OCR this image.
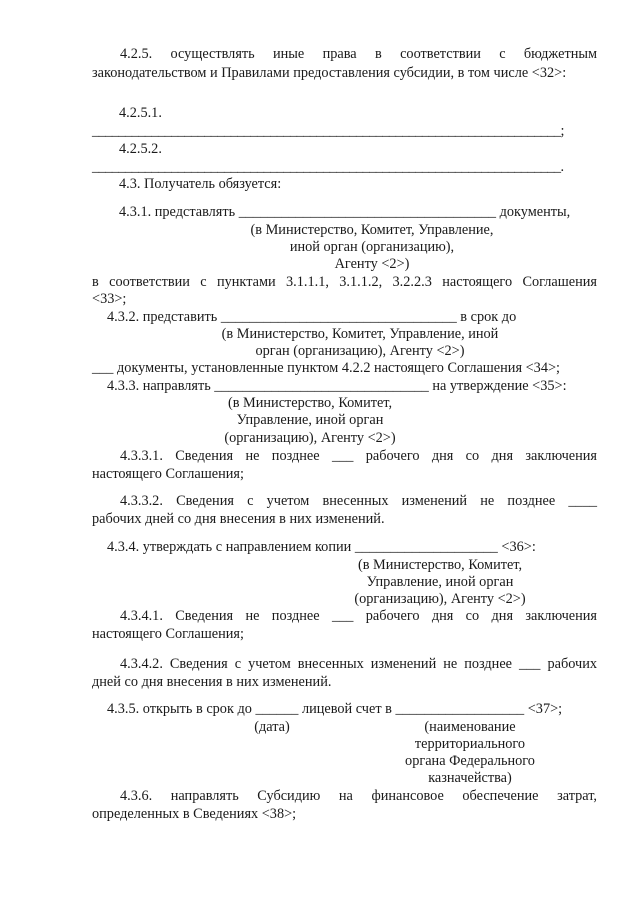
4.2.5. осуществлять иные права в соответствии с бюджетным
законодательством и Правилами предоставления субсидии, в том числе <32>:
4.2.5.1.
_______________________________________________________________________;
4.2.5.2.
_______________________________________________________________________.
4.3. Получатель обязуется:
4.3.1. представлять ____________________________________ документы,
(в Министерство, Комитет, Управление,
иной орган (организацию),
Агенту <2>)
в соответствии с пунктами 3.1.1.1, 3.1.1.2, 3.2.2.3 настоящего Соглашения
<33>;
4.3.2. представить _________________________________ в срок до
(в Министерство, Комитет, Управление, иной
орган (организацию), Агенту <2>)
___ документы, установленные пунктом 4.2.2 настоящего Соглашения <34>;
4.3.3. направлять ______________________________ на утверждение <35>:
(в Министерство, Комитет,
Управление, иной орган
(организацию), Агенту <2>)
4.3.3.1. Сведения не позднее ___ рабочего дня со дня заключения
настоящего Соглашения;
4.3.3.2. Сведения с учетом внесенных изменений не позднее ____
рабочих дней со дня внесения в них изменений.
4.3.4. утверждать с направлением копии ____________________ <36>:
(в Министерство, Комитет,
Управление, иной орган
(организацию), Агенту <2>)
4.3.4.1. Сведения не позднее ___ рабочего дня со дня заключения
настоящего Соглашения;
4.3.4.2. Сведения с учетом внесенных изменений не позднее ___ рабочих
дней со дня внесения в них изменений.
4.3.5. открыть в срок до ______ лицевой счет в __________________ <37>;
(дата)	(наименование
территориального
органа Федерального
казначейства)
4.3.6. направлять Субсидию на финансовое обеспечение затрат,
определенных в Сведениях <38>;
